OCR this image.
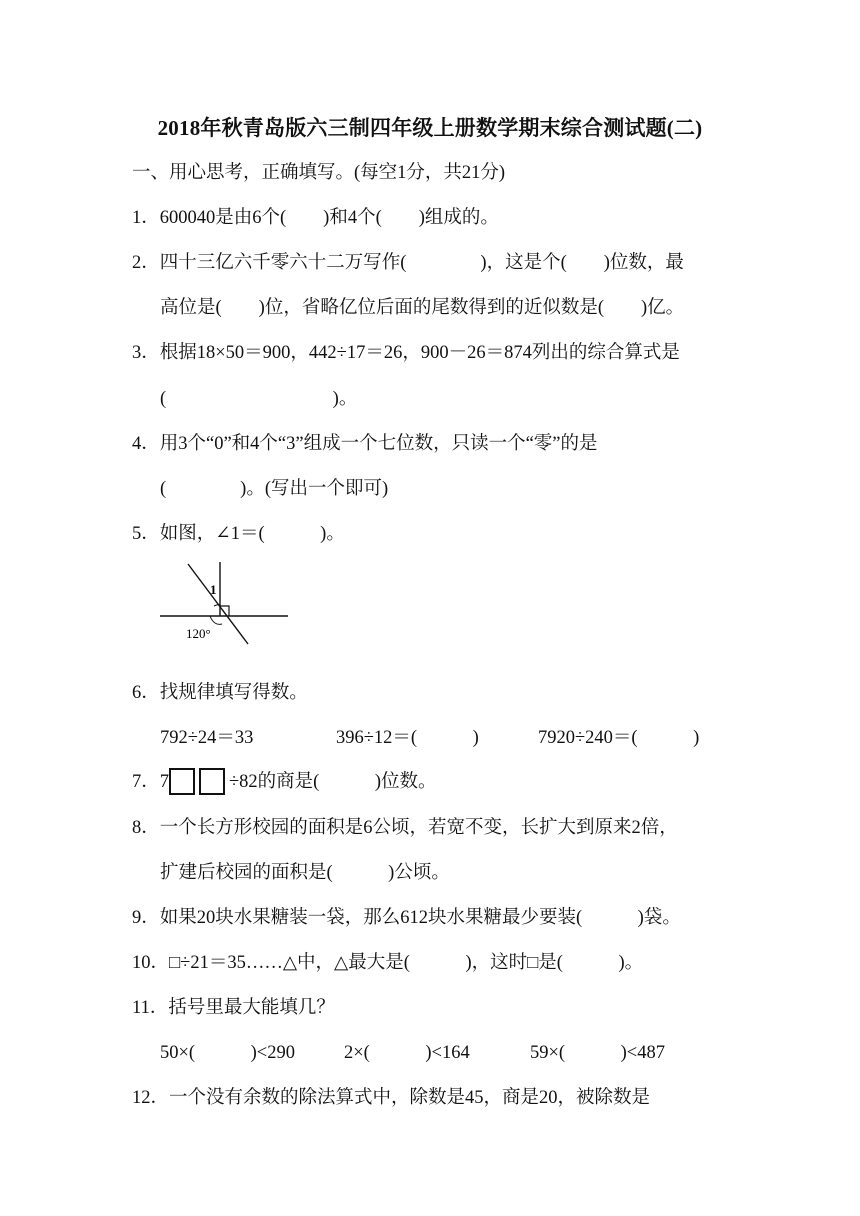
2018年秋青岛版六三制四年级上册数学期末综合测试题(二)
一、用心思考，正确填写。(每空1分，共21分)
1．600040是由6个(　　)和4个(　　)组成的。
2．四十三亿六千零六十二万写作(　　　　)，这是个(　　)位数，最
高位是(　　)位，省略亿位后面的尾数得到的近似数是(　　)亿。
3．根据18×50＝900，442÷17＝26，900－26＝874列出的综合算式是
(　　　　　　　　　)。
4．用3个“0”和4个“3”组成一个七位数，只读一个“零”的是
(　　　　)。(写出一个即可)
5．如图，∠1＝(　　　)。
1
120°
6．找规律填写得数。
792÷24＝33	396÷12＝(　　　)	7920÷240＝(　　　)
7．7	÷82的商是(　　　)位数。
8．一个长方形校园的面积是6公顷，若宽不变，长扩大到原来2倍，
扩建后校园的面积是(　　　)公顷。
9．如果20块水果糖装一袋，那么612块水果糖最少要装(　　　)袋。
10．□÷21＝35……△中，△最大是(　　　)，这时□是(　　　)。
11．括号里最大能填几？
50×(　　　)<290	2×(　　　)<164	59×(　　　)<487
12．一个没有余数的除法算式中，除数是45，商是20，被除数是
